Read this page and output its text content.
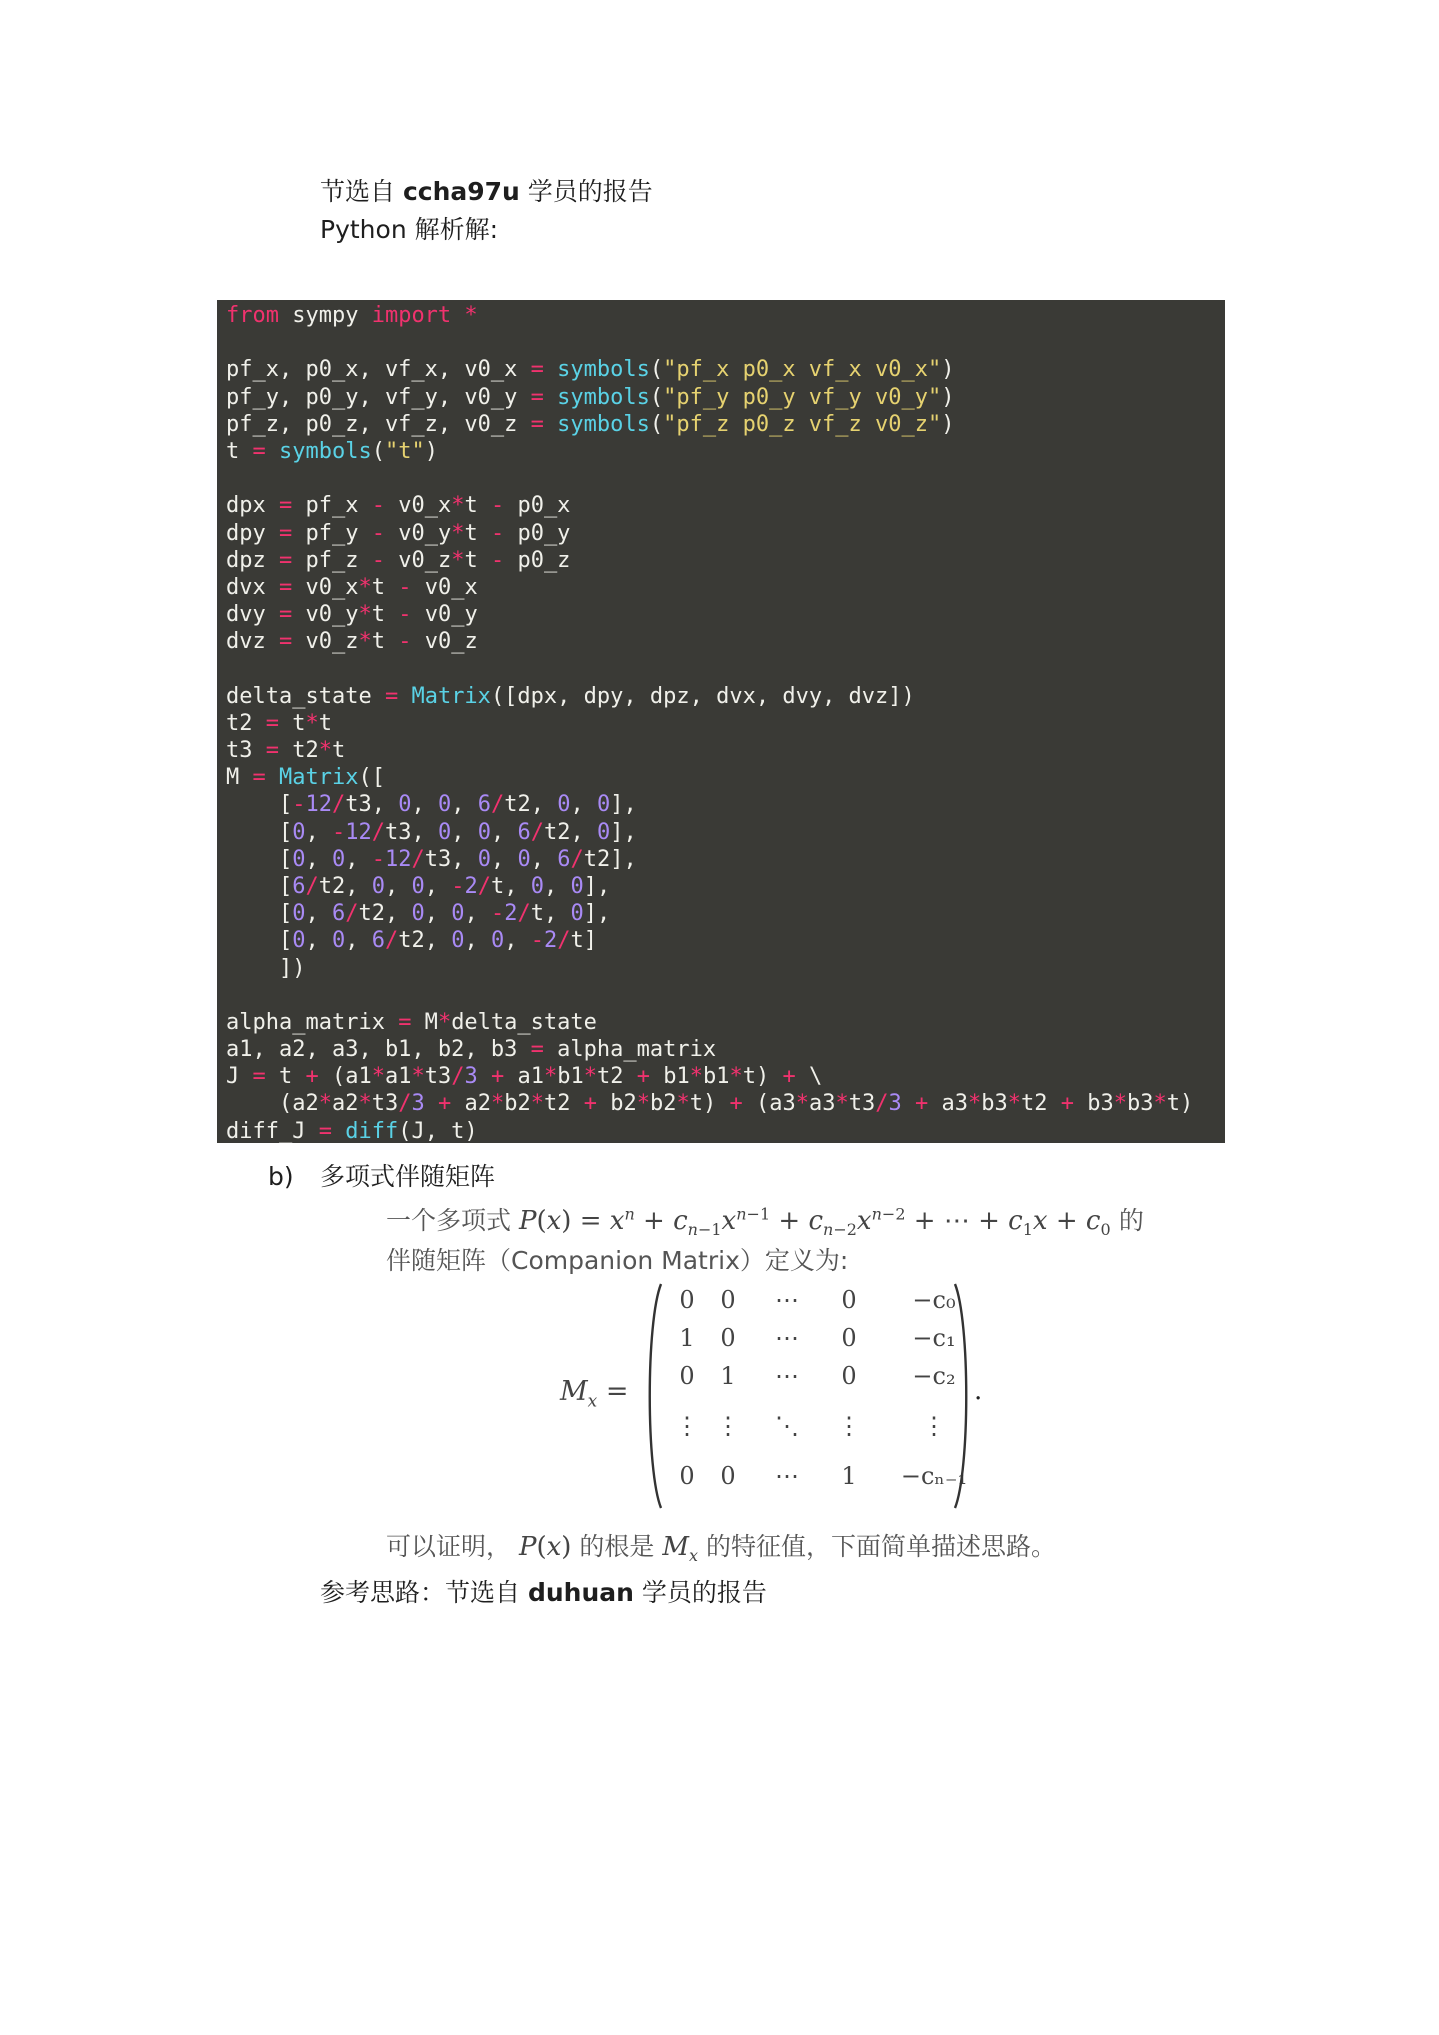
节选自 ccha97u 学员的报告
Python 解析解:
from sympy import *

pf_x, p0_x, vf_x, v0_x = symbols("pf_x p0_x vf_x v0_x")
pf_y, p0_y, vf_y, v0_y = symbols("pf_y p0_y vf_y v0_y")
pf_z, p0_z, vf_z, v0_z = symbols("pf_z p0_z vf_z v0_z")
t = symbols("t")

dpx = pf_x - v0_x*t - p0_x
dpy = pf_y - v0_y*t - p0_y
dpz = pf_z - v0_z*t - p0_z
dvx = v0_x*t - v0_x
dvy = v0_y*t - v0_y
dvz = v0_z*t - v0_z

delta_state = Matrix([dpx, dpy, dpz, dvx, dvy, dvz])
t2 = t*t
t3 = t2*t
M = Matrix([
[-12/t3, 0, 0, 6/t2, 0, 0],
[0, -12/t3, 0, 0, 6/t2, 0],
[0, 0, -12/t3, 0, 0, 6/t2],
[6/t2, 0, 0, -2/t, 0, 0],
[0, 6/t2, 0, 0, -2/t, 0],
[0, 0, 6/t2, 0, 0, -2/t]
])

alpha_matrix = M*delta_state
a1, a2, a3, b1, b2, b3 = alpha_matrix
J = t + (a1*a1*t3/3 + a1*b1*t2 + b1*b1*t) + \
(a2*a2*t3/3 + a2*b2*t2 + b2*b2*t) + (a3*a3*t3/3 + a3*b3*t2 + b3*b3*t)
diff_J = diff(J, t)
b) 多项式伴随矩阵
一个多项式 $P(x) = x^n + c_{n-1}x^{n-1} + c_{n-2}x^{n-2}$ + ⋯ + $c_1x + c_0$ 的
伴随矩阵（Companion Matrix）定义为:
$M_x$ =
0 0 ⋯ 0 −c₀
1 0 ⋯ 0 −c₁
0 1 ⋯ 0 −c₂
⋮ ⋮ ⋱ ⋮	⋮
0 0 ⋯ 1 −cₙ₋₁
.
可以证明， P(x) 的根是 $M_x$ 的特征值，下面简单描述思路。
参考思路：节选自 duhuan 学员的报告
